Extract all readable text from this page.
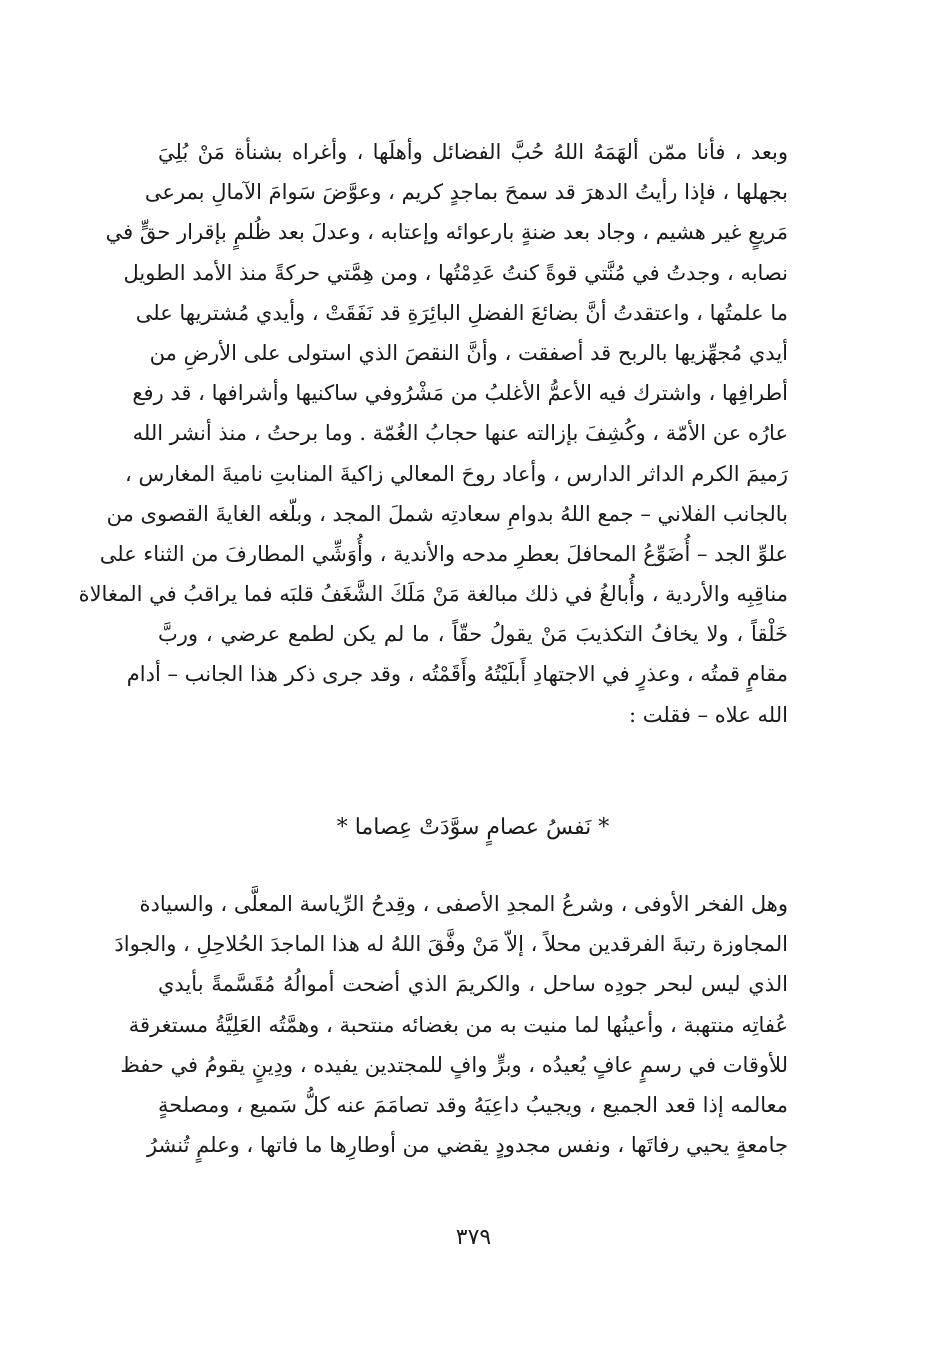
وبعد ، فأنا ممّن ألهَمَهُ اللهُ حُبَّ الفضائل وأهلَها ، وأغراه بشنأة مَنْ بُلِيَ
بجهلها ، فإذا رأيتُ الدهرَ قد سمحَ بماجدٍ كريم ، وعوَّضَ سَوامَ الآمالِ بمرعى
مَريعٍ غير هشيم ، وجاد بعد ضنةٍ بارعوائه وإعتابه ، وعدلَ بعد ظُلمٍ بإقرار حقٍّ في
نصابه ، وجدتُ في مُنَّتي قوةً كنتُ عَدِمْتُها ، ومن هِمَّتي حركةً منذ الأمد الطويل
ما علمتُها ، واعتقدتُ أنَّ بضائعَ الفضلِ البائِرَةِ قد نَفَقَتْ ، وأيدي مُشتريها على
أيدي مُجهِّزيها بالربح قد أصفقت ، وأنَّ النقصَ الذي استولى على الأرضِ من
أطرافِها ، واشترك فيه الأعمُّ الأغلبُ من مَشْرُوفي ساكنيها وأشرافها ، قد رفع
عارُه عن الأمّة ، وكُشِفَ بإزالته عنها حجابُ الغُمّة . وما برحتُ ، منذ أنشر الله
رَميمَ الكرم الداثر الدارس ، وأعاد روحَ المعالي زاكيةَ المنابتِ ناميةَ المغارس ،
بالجانب الفلاني – جمع اللهُ بدوامِ سعادتِه شملَ المجد ، وبلّغه الغايةَ القصوى من
علوِّ الجد – أُضَوِّعُ المحافلَ بعطرِ مدحه والأندية ، وأُوَشِّي المطارفَ من الثناء على
مناقِبِه والأردية ، وأُبالغُ في ذلك مبالغة مَنْ مَلَكَ الشَّغَفُ قلبَه فما يراقبُ في المغالاة
خَلْقاً ، ولا يخافُ التكذيبَ مَنْ يقولُ حقّاً ، ما لم يكن لطمع عرضي ، وربَّ
مقامٍ قمتُه ، وعذرٍ في الاجتهادِ أَبلَيْتُهُ وأَقَمْتُه ، وقد جرى ذكر هذا الجانب – أدام
الله علاه – فقلت :
* نَفسُ عصامٍ سوَّدَتْ عِصاما *
وهل الفخر الأوفى ، وشرعُ المجدِ الأصفى ، وقِدحُ الرِّياسة المعلَّى ، والسيادة
المجاوزة رتبةَ الفرقدين محلاً ، إلاّ مَنْ وفَّقَ اللهُ له هذا الماجدَ الحُلاحِلِ ، والجوادَ
الذي ليس لبحر جودِه ساحل ، والكريمَ الذي أضحت أموالُهُ مُقَسَّمةً بأيدي
عُفاتِه منتهبة ، وأعينُها لما منيت به من بغضائه منتحبة ، وهمَّتُه العَلِيَّةُ مستغرقة
للأوقات في رسمٍ عافٍ يُعيدُه ، وبرٍّ وافٍ للمجتدين يفيده ، ودِينٍ يقومُ في حفظ
معالمه إذا قعد الجميع ، ويجيبُ داعِيَهُ وقد تصامَمَ عنه كلُّ سَميع ، ومصلحةٍ
جامعةٍ يحيي رفاتَها ، ونفس مجدودٍ يقضي من أوطارِها ما فاتها ، وعلمٍ تُنشرُ
٣٧٩
